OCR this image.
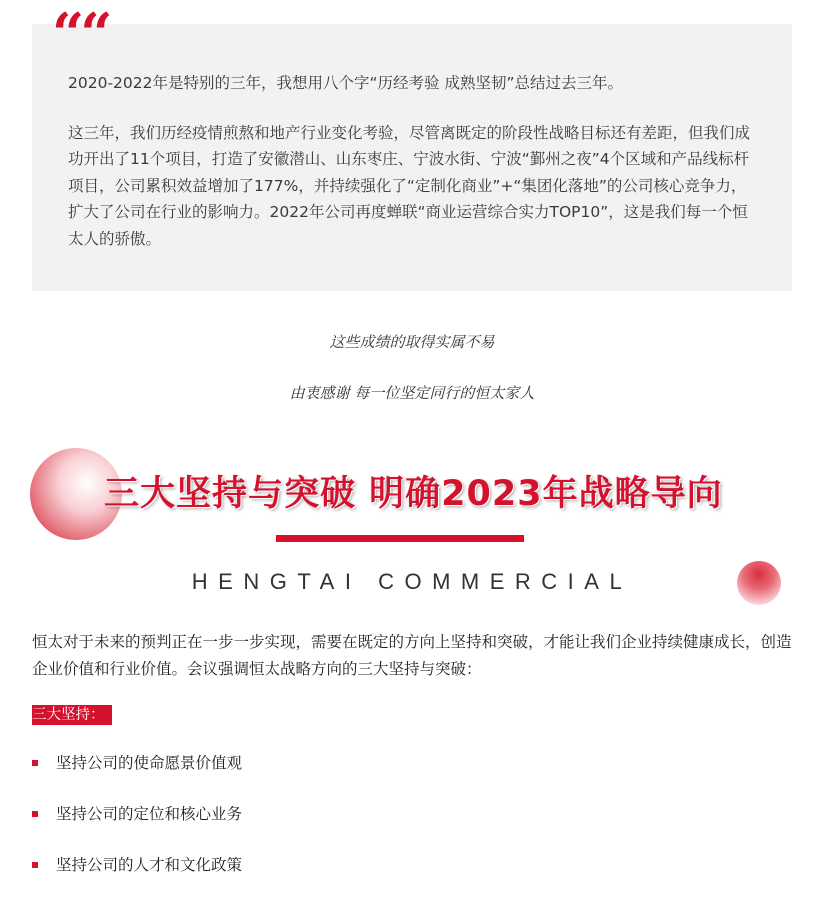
2020-2022年是特别的三年，我想用八个字“历经考验 成熟坚韧”总结过去三年。

这三年，我们历经疫情煎熬和地产行业变化考验，尽管离既定的阶段性战略目标还有差距，但我们成功开出了11个项目，打造了安徽潜山、山东枣庄、宁波水街、宁波“鄞州之夜”4个区域和产品线标杆项目，公司累积效益增加了177%，并持续强化了“定制化商业”+“集团化落地”的公司核心竞争力，扩大了公司在行业的影响力。2022年公司再度蝉联“商业运营综合实力TOP10”，这是我们每一个恒太人的骄傲。

““
这些成绩的取得实属不易
由衷感谢 每一位坚定同行的恒太家人
三大坚持与突破 明确2023年战略导向
HENGTAI COMMERCIAL

恒太对于未来的预判正在一步一步实现，需要在既定的方向上坚持和突破，才能让我们企业持续健康成长，创造企业价值和行业价值。会议强调恒太战略方向的三大坚持与突破：

三大坚持：
坚持公司的使命愿景价值观
坚持公司的定位和核心业务
坚持公司的人才和文化政策
